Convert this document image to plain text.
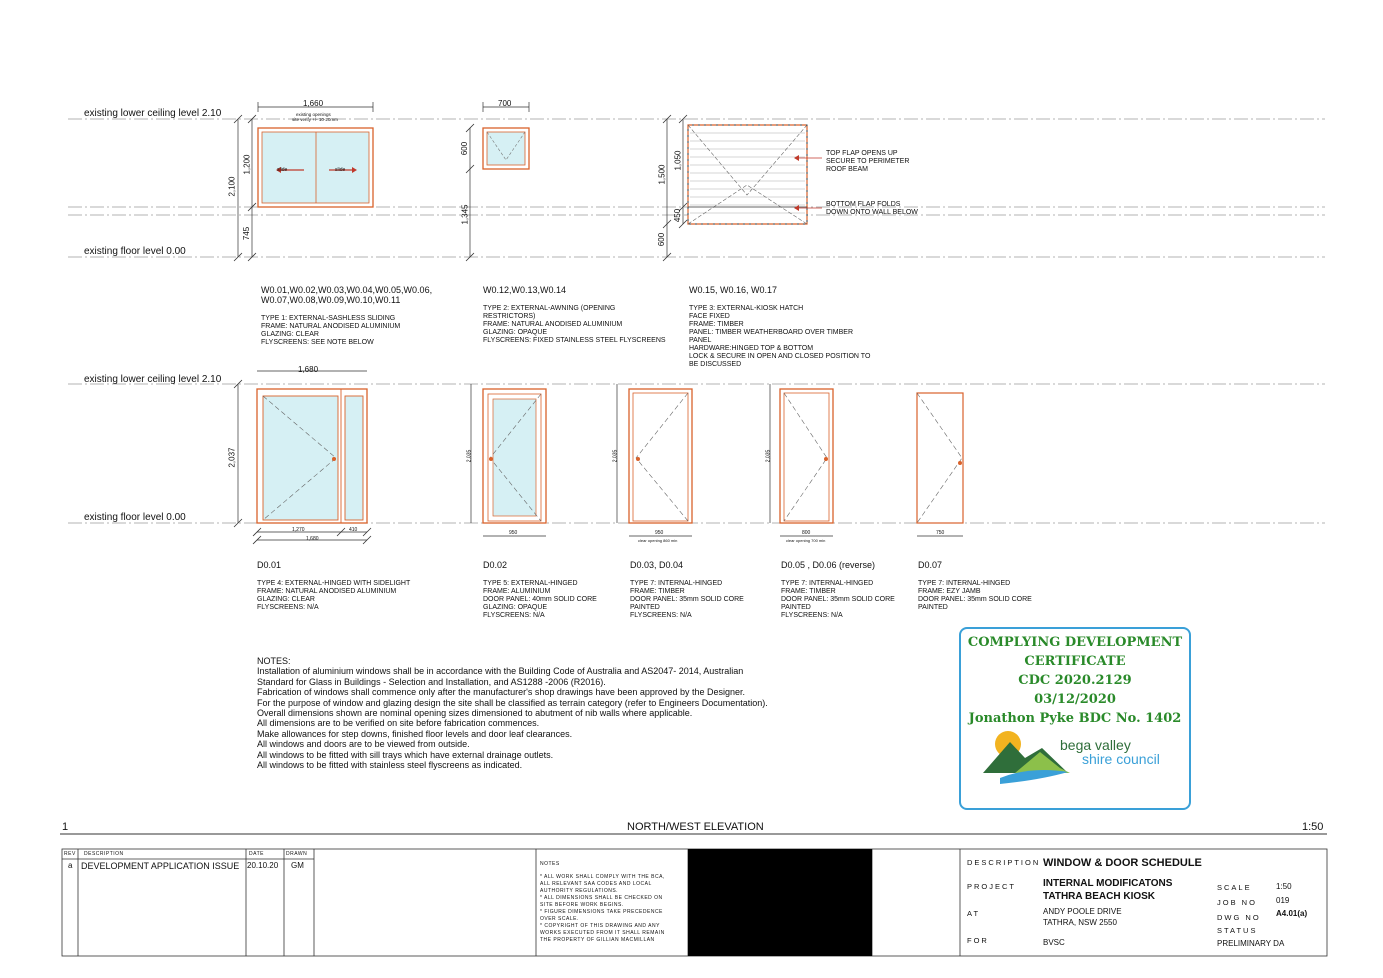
existing lower ceiling level 2.10
existing floor level 0.00
existing lower ceiling level 2.10
existing floor level 0.00
1,660
existing openings
site verify +/- 10-20mm
slide	slide
2,100
1,200
745
700
600
1,345
1,500
1,050
450
600
TOP FLAP OPENS UP
SECURE TO PERIMETER
ROOF BEAM
BOTTOM FLAP FOLDS
DOWN ONTO WALL BELOW
1,680
2,037
1,270	410
1,680
2,035
950
2,035
950
clear opening 860 min
2,035
800
clear opening 700 min
750
W0.01,W0.02,W0.03,W0.04,W0.05,W0.06,
W0.07,W0.08,W0.09,W0.10,W0.11
TYPE 1: EXTERNAL-SASHLESS SLIDING
FRAME: NATURAL ANODISED ALUMINIUM
GLAZING: CLEAR
FLYSCREENS: SEE NOTE BELOW
W0.12,W0.13,W0.14
TYPE 2: EXTERNAL-AWNING (OPENING
RESTRICTORS)
FRAME: NATURAL ANODISED ALUMINIUM
GLAZING: OPAQUE
FLYSCREENS: FIXED STAINLESS STEEL FLYSCREENS
W0.15, W0.16, W0.17
TYPE 3: EXTERNAL-KIOSK HATCH
FACE FIXED
FRAME: TIMBER
PANEL: TIMBER WEATHERBOARD OVER TIMBER
PANEL
HARDWARE:HINGED TOP & BOTTOM
LOCK & SECURE IN OPEN AND CLOSED POSITION TO
BE DISCUSSED
D0.01
TYPE 4: EXTERNAL-HINGED WITH SIDELIGHT
FRAME: NATURAL ANODISED ALUMINIUM
GLAZING: CLEAR
FLYSCREENS: N/A
D0.02
TYPE 5: EXTERNAL-HINGED
FRAME: ALUMINIUM
DOOR PANEL: 40mm SOLID CORE
GLAZING: OPAQUE
FLYSCREENS: N/A
D0.03, D0.04
TYPE 7: INTERNAL-HINGED
FRAME: TIMBER
DOOR PANEL: 35mm SOLID CORE
PAINTED
FLYSCREENS: N/A
D0.05 , D0.06 (reverse)
TYPE 7: INTERNAL-HINGED
FRAME: TIMBER
DOOR PANEL: 35mm SOLID CORE
PAINTED
FLYSCREENS: N/A
D0.07
TYPE 7: INTERNAL-HINGED
FRAME: EZY JAMB
DOOR PANEL: 35mm SOLID CORE
PAINTED
NOTES:
Installation of aluminium windows shall be in accordance with the Building Code of Australia and AS2047- 2014, Australian
Standard for Glass in Buildings - Selection and Installation, and AS1288 -2006 (R2016).
Fabrication of windows shall commence only after the manufacturer's shop drawings have been approved by the Designer.
For the purpose of window and glazing design the site shall be classified as terrain category (refer to Engineers Documentation).
Overall dimensions shown are nominal opening sizes dimensioned to abutment of nib walls where applicable.
All dimensions are to be verified on site before fabrication commences.
Make allowances for step downs, finished floor levels and door leaf clearances.
All windows and doors are to be viewed from outside.
All windows to be fitted with sill trays which have external drainage outlets.
All windows to be fitted with stainless steel flyscreens as indicated.
COMPLYING DEVELOPMENT
CERTIFICATE
CDC 2020.2129
03/12/2020
Jonathon Pyke BDC No. 1402
bega valley
shire council
1	NORTH/WEST ELEVATION	1:50
REV DESCRIPTION	DATE	DRAWN
a DEVELOPMENT APPLICATION ISSUE 20.10.20 GM	NOTES
* ALL WORK SHALL COMPLY WITH THE BCA,
ALL RELEVANT SAA CODES AND LOCAL
AUTHORITY REGULATIONS.
* ALL DIMENSIONS SHALL BE CHECKED ON
SITE BEFORE WORK BEGINS.
* FIGURE DIMENSIONS TAKE PRECEDENCE
OVER SCALE.
* COPYRIGHT OF THIS DRAWING AND ANY
WORKS EXECUTED FROM IT SHALL REMAIN
THE PROPERTY OF GILLIAN MACMILLAN
DESCRIPTION WINDOW & DOOR SCHEDULE
PROJECT	INTERNAL MODIFICATONS
TATHRA BEACH KIOSK
AT	ANDY POOLE DRIVE
TATHRA, NSW 2550
FOR	BVSC
SCALE	1:50
JOB NO 019
DWG NO A4.01(a)
STATUS
PRELIMINARY DA
